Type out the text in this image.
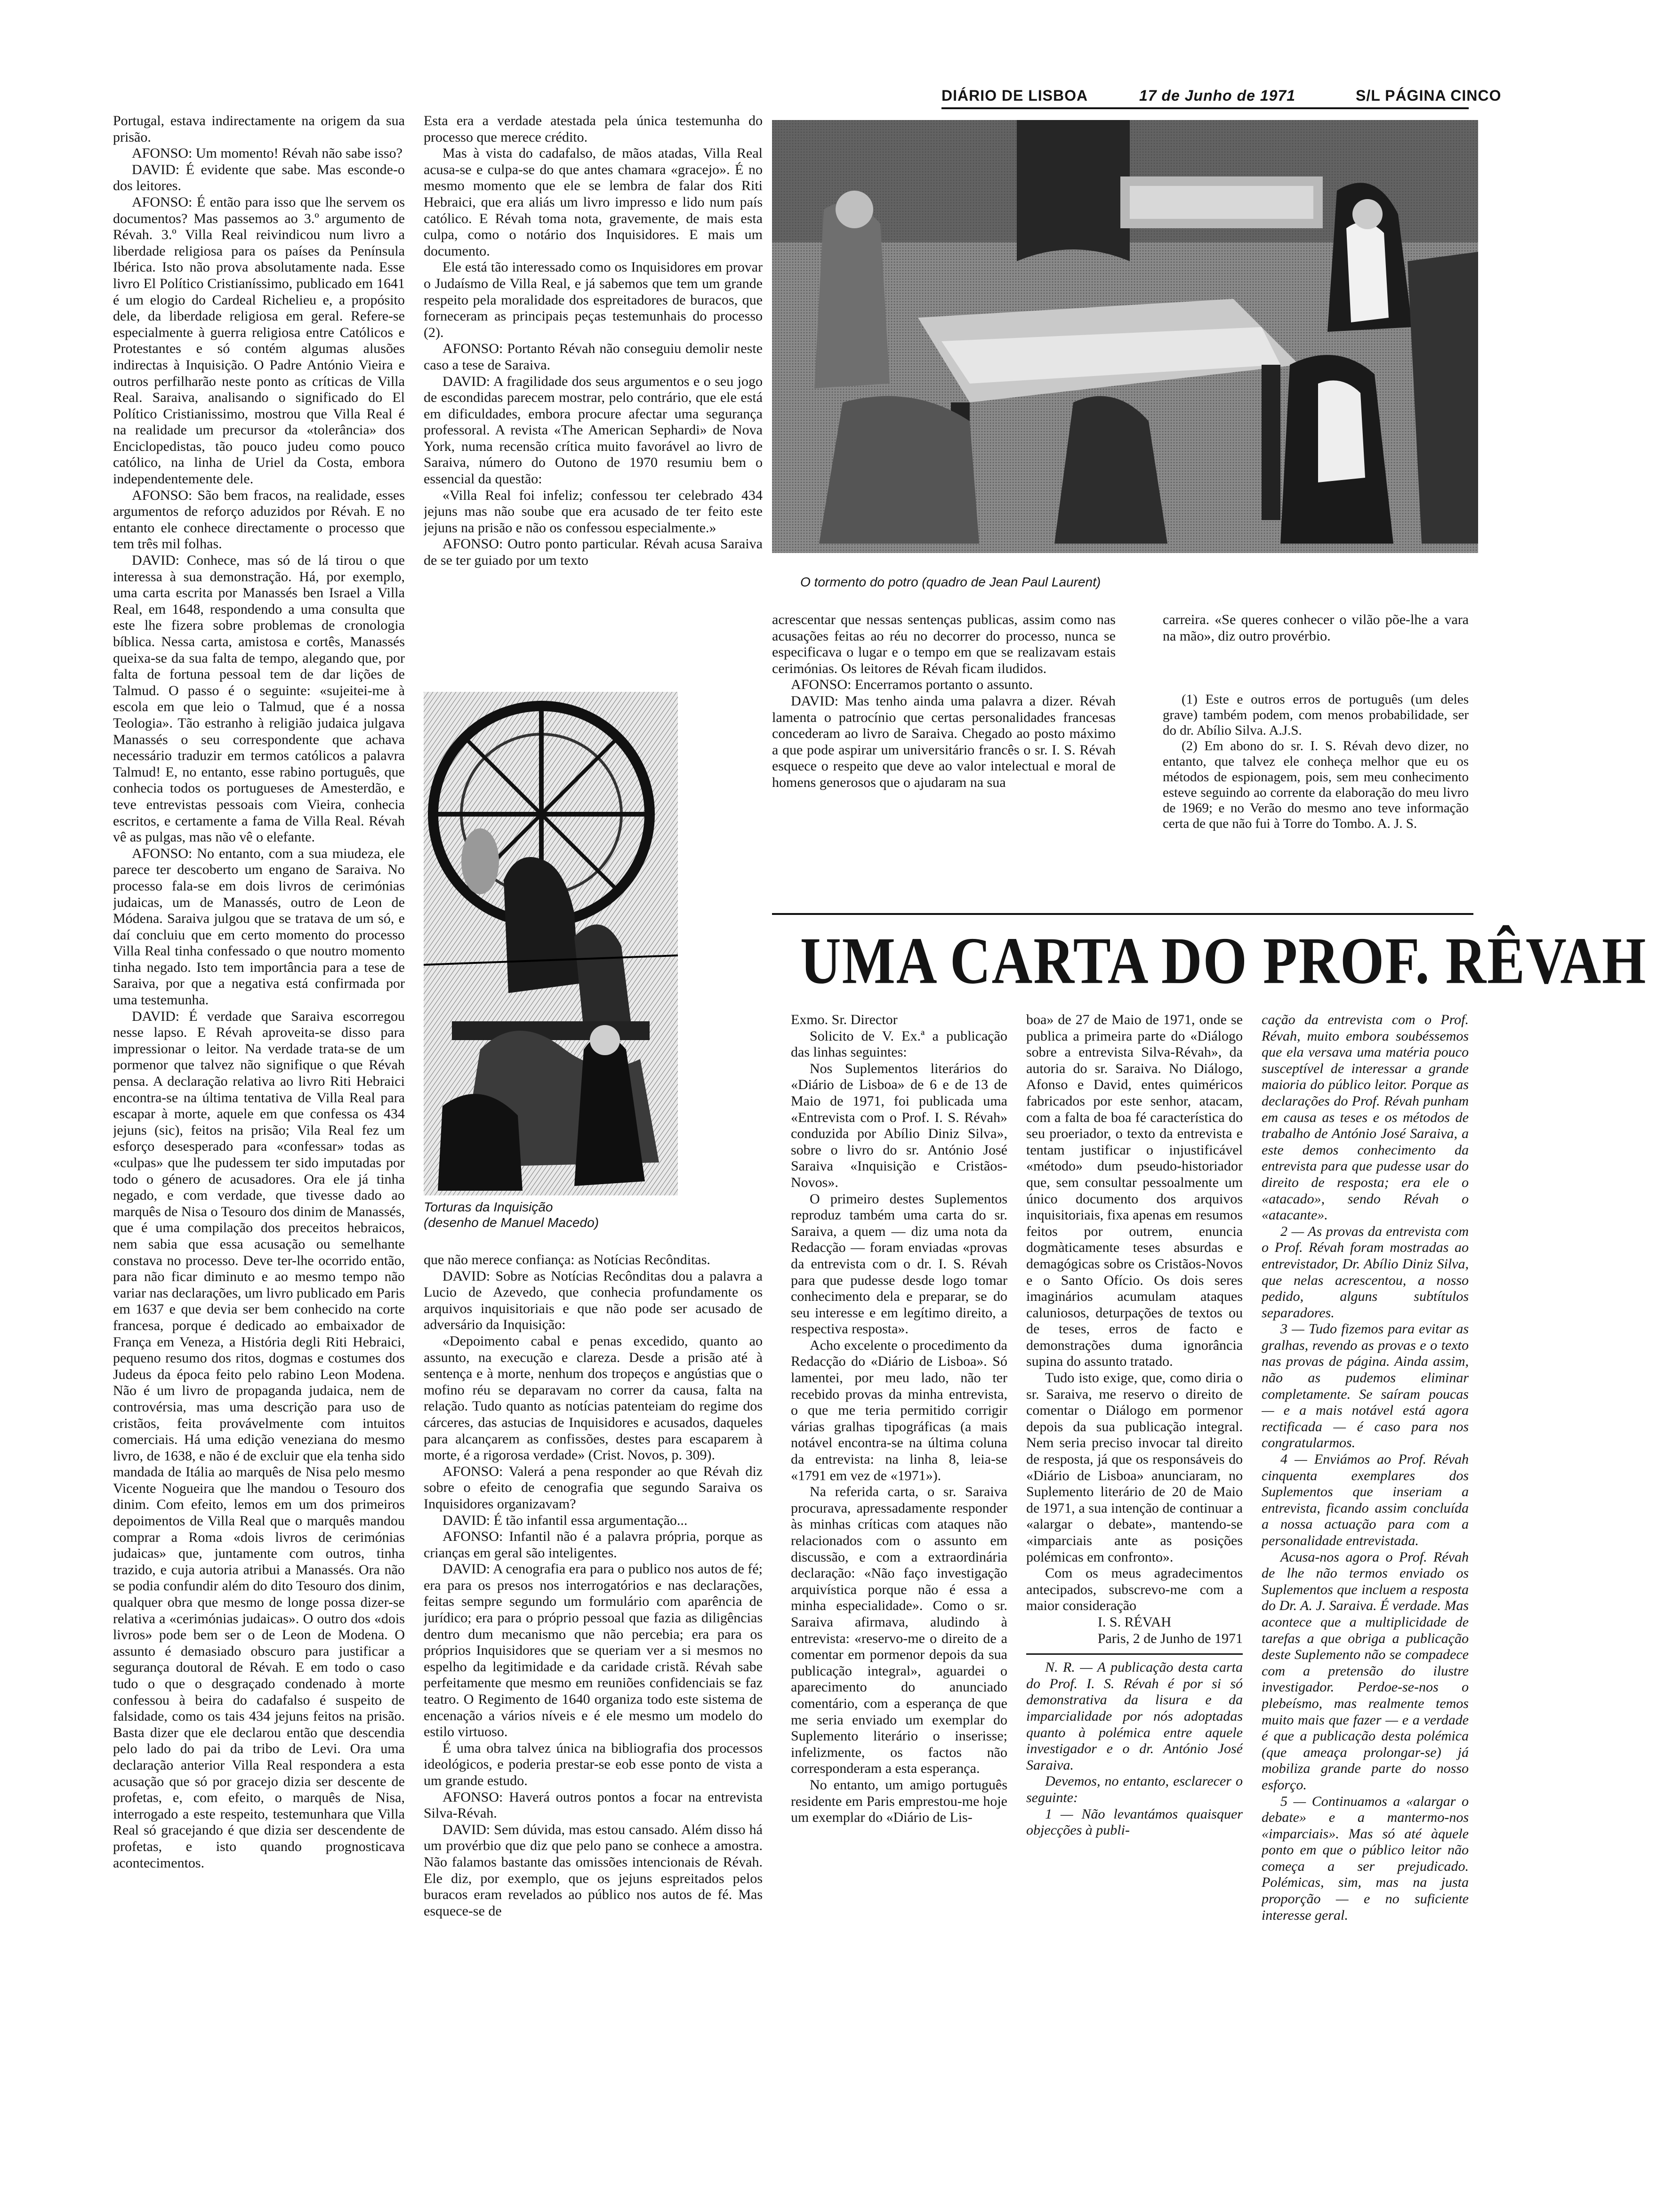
DIÁRIO DE LISBOA	17 de Junho de 1971	S/L PÁGINA CINCO

Portugal, estava indirectamente na origem da sua prisão.

AFONSO: Um momento! Révah não sabe isso?

DAVID: É evidente que sabe. Mas esconde-o dos leitores.

AFONSO: É então para isso que lhe servem os documentos? Mas passemos ao 3.º argumento de Révah. 3.º Villa Real reivindicou num livro a liberdade religiosa para os países da Península Ibérica. Isto não prova absolutamente nada. Esse livro El Político Cristianíssimo, publicado em 1641 é um elogio do Cardeal Richelieu e, a propósito dele, da liberdade religiosa em geral. Refere-se especialmente à guerra religiosa entre Católicos e Protestantes e só contém algumas alusões indirectas à Inquisição. O Padre António Vieira e outros perfilharão neste ponto as críticas de Villa Real. Saraiva, analisando o significado do El Político Cristianissimo, mostrou que Villa Real é na realidade um precursor da «tolerância» dos Enciclopedistas, tão pouco judeu como pouco católico, na linha de Uriel da Costa, embora independentemente dele.

AFONSO: São bem fracos, na realidade, esses argumentos de reforço aduzidos por Révah. E no entanto ele conhece directamente o processo que tem três mil folhas.

DAVID: Conhece, mas só de lá tirou o que interessa à sua demonstração. Há, por exemplo, uma carta escrita por Manassés ben Israel a Villa Real, em 1648, respondendo a uma consulta que este lhe fizera sobre problemas de cronologia bíblica. Nessa carta, amistosa e cortês, Manassés queixa-se da sua falta de tempo, alegando que, por falta de fortuna pessoal tem de dar lições de Talmud. O passo é o seguinte: «sujeitei-me à escola em que leio o Talmud, que é a nossa Teologia». Tão estranho à religião judaica julgava Manassés o seu correspondente que achava necessário traduzir em termos católicos a palavra Talmud! E, no entanto, esse rabino português, que conhecia todos os portugueses de Amesterdão, e teve entrevistas pessoais com Vieira, conhecia escritos, e certamente a fama de Villa Real. Révah vê as pulgas, mas não vê o elefante.

AFONSO: No entanto, com a sua miudeza, ele parece ter descoberto um engano de Saraiva. No processo fala-se em dois livros de cerimónias judaicas, um de Manassés, outro de Leon de Módena. Saraiva julgou que se tratava de um só, e daí concluiu que em certo momento do processo Villa Real tinha confessado o que noutro momento tinha negado. Isto tem importância para a tese de Saraiva, por que a negativa está confirmada por uma testemunha.

DAVID: É verdade que Saraiva escorregou nesse lapso. E Révah aproveita-se disso para impressionar o leitor. Na verdade trata-se de um pormenor que talvez não signifique o que Révah pensa. A declaração relativa ao livro Riti Hebraici encontra-se na última tentativa de Villa Real para escapar à morte, aquele em que confessa os 434 jejuns (sic), feitos na prisão; Vila Real fez um esforço desesperado para «confessar» todas as «culpas» que lhe pudessem ter sido imputadas por todo o género de acusadores. Ora ele já tinha negado, e com verdade, que tivesse dado ao marquês de Nisa o Tesouro dos dinim de Manassés, que é uma compilação dos preceitos hebraicos, nem sabia que essa acusação ou semelhante constava no processo. Deve ter-lhe ocorrido então, para não ficar diminuto e ao mesmo tempo não variar nas declarações, um livro publicado em Paris em 1637 e que devia ser bem conhecido na corte francesa, porque é dedicado ao embaixador de França em Veneza, a História degli Riti Hebraici, pequeno resumo dos ritos, dogmas e costumes dos Judeus da época feito pelo rabino Leon Modena. Não é um livro de propaganda judaica, nem de controvérsia, mas uma descrição para uso de cristãos, feita provávelmente com intuitos comerciais. Há uma edição veneziana do mesmo livro, de 1638, e não é de excluir que ela tenha sido mandada de Itália ao marquês de Nisa pelo mesmo Vicente Nogueira que lhe mandou o Tesouro dos dinim. Com efeito, lemos em um dos primeiros depoimentos de Villa Real que o marquês mandou comprar a Roma «dois livros de cerimónias judaicas» que, juntamente com outros, tinha trazido, e cuja autoria atribui a Manassés. Ora não se podia confundir além do dito Tesouro dos dinim, qualquer obra que mesmo de longe possa dizer-se relativa a «cerimónias judaicas». O outro dos «dois livros» pode bem ser o de Leon de Modena. O assunto é demasiado obscuro para justificar a segurança doutoral de Révah. E em todo o caso tudo o que o desgraçado condenado à morte confessou à beira do cadafalso é suspeito de falsidade, como os tais 434 jejuns feitos na prisão. Basta dizer que ele declarou então que descendia pelo lado do pai da tribo de Levi. Ora uma declaração anterior Villa Real respondera a esta acusação que só por gracejo dizia ser descente de profetas, e, com efeito, o marquês de Nisa, interrogado a este respeito, testemunhara que Villa Real só gracejando é que dizia ser descendente de profetas, e isto quando prognosticava acontecimentos.

Esta era a verdade atestada pela única testemunha do processo que merece crédito.

Mas à vista do cadafalso, de mãos atadas, Villa Real acusa-se e culpa-se do que antes chamara «gracejo». É no mesmo momento que ele se lembra de falar dos Riti Hebraici, que era aliás um livro impresso e lido num país católico. E Révah toma nota, gravemente, de mais esta culpa, como o notário dos Inquisidores. E mais um documento.

Ele está tão interessado como os Inquisidores em provar o Judaísmo de Villa Real, e já sabemos que tem um grande respeito pela moralidade dos espreitadores de buracos, que forneceram as principais peças testemunhais do processo (2).

AFONSO: Portanto Révah não conseguiu demolir neste caso a tese de Saraiva.

DAVID: A fragilidade dos seus argumentos e o seu jogo de escondidas parecem mostrar, pelo contrário, que ele está em dificuldades, embora procure afectar uma segurança professoral. A revista «The American Sephardi» de Nova York, numa recensão crítica muito favorável ao livro de Saraiva, número do Outono de 1970 resumiu bem o essencial da questão:

«Villa Real foi infeliz; confessou ter celebrado 434 jejuns mas não soube que era acusado de ter feito este jejuns na prisão e não os confessou especialmente.»

AFONSO: Outro ponto particular. Révah acusa Saraiva de se ter guiado por um texto

Torturas da Inquisição
(desenho de Manuel Macedo)

que não merece confiança: as Notícias Recônditas.

DAVID: Sobre as Notícias Recônditas dou a palavra a Lucio de Azevedo, que conhecia profundamente os arquivos inquisitoriais e que não pode ser acusado de adversário da Inquisição:

«Depoimento cabal e penas excedido, quanto ao assunto, na execução e clareza. Desde a prisão até à sentença e à morte, nenhum dos tropeços e angústias que o mofino réu se deparavam no correr da causa, falta na relação. Tudo quanto as notícias patenteiam do regime dos cárceres, das astucias de Inquisidores e acusados, daqueles para alcançarem as confissões, destes para escaparem à morte, é a rigorosa verdade» (Crist. Novos, p. 309).

AFONSO: Valerá a pena responder ao que Révah diz sobre o efeito de cenografia que segundo Saraiva os Inquisidores organizavam?

DAVID: É tão infantil essa argumentação...

AFONSO: Infantil não é a palavra própria, porque as crianças em geral são inteligentes.

DAVID: A cenografia era para o publico nos autos de fé; era para os presos nos interrogatórios e nas declarações, feitas sempre segundo um formulário com aparência de jurídico; era para o próprio pessoal que fazia as diligências dentro dum mecanismo que não percebia; era para os próprios Inquisidores que se queriam ver a si mesmos no espelho da legitimidade e da caridade cristã. Révah sabe perfeitamente que mesmo em reuniões confidenciais se faz teatro. O Regimento de 1640 organiza todo este sistema de encenação a vários níveis e é ele mesmo um modelo do estilo virtuoso.

É uma obra talvez única na bibliografia dos processos ideológicos, e poderia prestar-se eob esse ponto de vista a um grande estudo.

AFONSO: Haverá outros pontos a focar na entrevista Silva-Révah.

DAVID: Sem dúvida, mas estou cansado. Além disso há um provérbio que diz que pelo pano se conhece a amostra. Não falamos bastante das omissões intencionais de Révah. Ele diz, por exemplo, que os jejuns espreitados pelos buracos eram revelados ao público nos autos de fé. Mas esquece-se de

O tormento do potro (quadro de Jean Paul Laurent)

acrescentar que nessas sentenças publicas, assim como nas acusações feitas ao réu no decorrer do processo, nunca se especificava o lugar e o tempo em que se realizavam estais cerimónias. Os leitores de Révah ficam iludidos.

AFONSO: Encerramos portanto o assunto.

DAVID: Mas tenho ainda uma palavra a dizer. Révah lamenta o patrocínio que certas personalidades francesas concederam ao livro de Saraiva. Chegado ao posto máximo a que pode aspirar um universitário francês o sr. I. S. Révah esquece o respeito que deve ao valor intelectual e moral de homens generosos que o ajudaram na sua

carreira. «Se queres conhecer o vilão põe-lhe a vara na mão», diz outro provérbio.

(1) Este e outros erros de português (um deles grave) também podem, com menos probabilidade, ser do dr. Abílio Silva. A.J.S.

(2) Em abono do sr. I. S. Révah devo dizer, no entanto, que talvez ele conheça melhor que eu os métodos de espionagem, pois, sem meu conhecimento esteve seguindo ao corrente da elaboração do meu livro de 1969; e no Verão do mesmo ano teve informação certa de que não fui à Torre do Tombo. A. J. S.

UMA CARTA DO PROF. RÊVAH

Exmo. Sr. Director

Solicito de V. Ex.ª a publicação das linhas seguintes:

Nos Suplementos literários do «Diário de Lisboa» de 6 e de 13 de Maio de 1971, foi publicada uma «Entrevista com o Prof. I. S. Révah» conduzida por Abílio Diniz Silva», sobre o livro do sr. António José Saraiva «Inquisição e Cristãos-Novos».

O primeiro destes Suplementos reproduz também uma carta do sr. Saraiva, a quem — diz uma nota da Redacção — foram enviadas «provas da entrevista com o dr. I. S. Révah para que pudesse desde logo tomar conhecimento dela e preparar, se do seu interesse e em legítimo direito, a respectiva resposta».

Acho excelente o procedimento da Redacção do «Diário de Lisboa». Só lamentei, por meu lado, não ter recebido provas da minha entrevista, o que me teria permitido corrigir várias gralhas tipográficas (a mais notável encontra-se na última coluna da entrevista: na linha 8, leia-se «1791 em vez de «1971»).

Na referida carta, o sr. Saraiva procurava, apressadamente responder às minhas críticas com ataques não relacionados com o assunto em discussão, e com a extraordinária declaração: «Não faço investigação arquivística porque não é essa a minha especialidade». Como o sr. Saraiva afirmava, aludindo à entrevista: «reservo-me o direito de a comentar em pormenor depois da sua publicação integral», aguardei o aparecimento do anunciado comentário, com a esperança de que me seria enviado um exemplar do Suplemento literário o inserisse; infelizmente, os factos não corresponderam a esta esperança.

No entanto, um amigo português residente em Paris emprestou-me hoje um exemplar do «Diário de Lis-

boa» de 27 de Maio de 1971, onde se publica a primeira parte do «Diálogo sobre a entrevista Silva-Révah», da autoria do sr. Saraiva. No Diálogo, Afonso e David, entes quiméricos fabricados por este senhor, atacam, com a falta de boa fé característica do seu proeriador, o texto da entrevista e tentam justificar o injustificável «método» dum pseudo-historiador que, sem consultar pessoalmente um único documento dos arquivos inquisitoriais, fixa apenas em resumos feitos por outrem, enuncia dogmàticamente teses absurdas e demagógicas sobre os Cristãos-Novos e o Santo Ofício. Os dois seres imaginários acumulam ataques caluniosos, deturpações de textos ou de teses, erros de facto e demonstrações duma ignorância supina do assunto tratado.

Tudo isto exige, que, como diria o sr. Saraiva, me reservo o direito de comentar o Diálogo em pormenor depois da sua publicação integral. Nem seria preciso invocar tal direito de resposta, já que os responsáveis do «Diário de Lisboa» anunciaram, no Suplemento literário de 20 de Maio de 1971, a sua intenção de continuar a «alargar o debate», mantendo-se «imparciais ante as posições polémicas em confronto».

Com os meus agradecimentos antecipados, subscrevo-me com a maior consideração

I. S. RÉVAH

Paris, 2 de Junho de 1971

N. R. — A publicação desta carta do Prof. I. S. Révah é por si só demonstrativa da lisura e da imparcialidade por nós adoptadas quanto à polémica entre aquele investigador e o dr. António José Saraiva.

Devemos, no entanto, esclarecer o seguinte:

1 — Não levantámos quaisquer objecções à publi-

cação da entrevista com o Prof. Révah, muito embora soubéssemos que ela versava uma matéria pouco susceptível de interessar a grande maioria do público leitor. Porque as declarações do Prof. Révah punham em causa as teses e os métodos de trabalho de António José Saraiva, a este demos conhecimento da entrevista para que pudesse usar do direito de resposta; era ele o «atacado», sendo Révah o «atacante».

2 — As provas da entrevista com o Prof. Révah foram mostradas ao entrevistador, Dr. Abílio Diniz Silva, que nelas acrescentou, a nosso pedido, alguns subtítulos separadores.

3 — Tudo fizemos para evitar as gralhas, revendo as provas e o texto nas provas de página. Ainda assim, não as pudemos eliminar completamente. Se saíram poucas — e a mais notável está agora rectificada — é caso para nos congratularmos.

4 — Enviámos ao Prof. Révah cinquenta exemplares dos Suplementos que inseriam a entrevista, ficando assim concluída a nossa actuação para com a personalidade entrevistada.

Acusa-nos agora o Prof. Révah de lhe não termos enviado os Suplementos que incluem a resposta do Dr. A. J. Saraiva. É verdade. Mas acontece que a multiplicidade de tarefas a que obriga a publicação deste Suplemento não se compadece com a pretensão do ilustre investigador. Perdoe-se-nos o plebeísmo, mas realmente temos muito mais que fazer — e a verdade é que a publicação desta polémica (que ameaça prolongar-se) já mobiliza grande parte do nosso esforço.

5 — Continuamos a «alargar o debate» e a mantermo-nos «imparciais». Mas só até àquele ponto em que o público leitor não começa a ser prejudicado. Polémicas, sim, mas na justa proporção — e no suficiente interesse geral.
